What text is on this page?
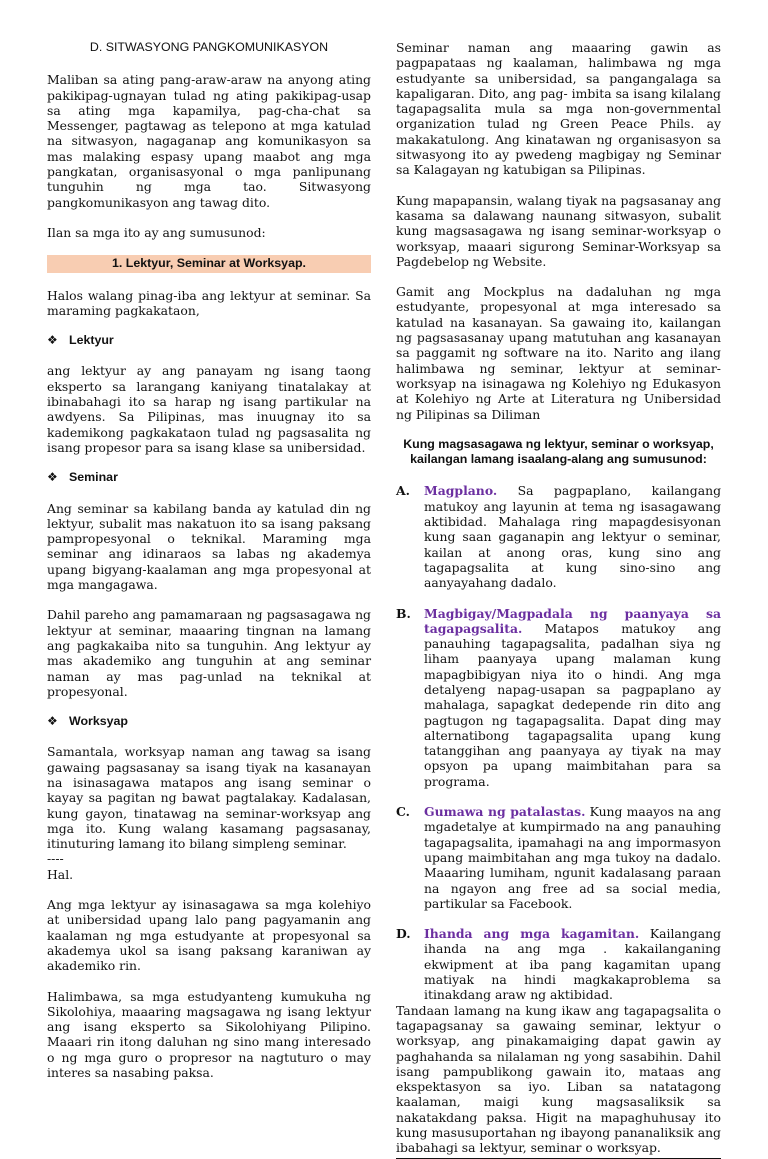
D. SITWASYONG PANGKOMUNIKASYON

Maliban sa ating pang-araw-araw na anyong ating pakikipag-ugnayan tulad ng ating pakikipag-usap sa ating mga kapamilya, pag-cha-chat sa Messenger, pagtawag as telepono at mga katulad na sitwasyon, nagaganap ang komunikasyon sa mas malaking espasy upang maabot ang mga pangkatan, organisasyonal o mga panlipunang tunguhin ng mga tao. Sitwasyong pangkomunikasyon ang tawag dito.

Ilan sa mga ito ay ang sumusunod:

1. Lektyur, Seminar at Worksyap.

Halos walang pinag-iba ang lektyur at seminar. Sa maraming pagkakataon,

❖ Lektyur

ang lektyur ay ang panayam ng isang taong eksperto sa larangang kaniyang tinatalakay at ibinabahagi ito sa harap ng isang partikular na awdyens. Sa Pilipinas, mas inuugnay ito sa kademikong pagkakataon tulad ng pagsasalita ng isang propesor para sa isang klase sa unibersidad.

❖ Seminar

Ang seminar sa kabilang banda ay katulad din ng lektyur, subalit mas nakatuon ito sa isang paksang pampropesyonal o teknikal. Maraming mga seminar ang idinaraos sa labas ng akademya upang bigyang-kaalaman ang mga propesyonal at mga mangagawa.

Dahil pareho ang pamamaraan ng pagsasagawa ng lektyur at seminar, maaaring tingnan na lamang ang pagkakaiba nito sa tunguhin. Ang lektyur ay mas akademiko ang tunguhin at ang seminar naman ay mas pag-unlad na teknikal at propesyonal.

❖ Worksyap

Samantala, worksyap naman ang tawag sa isang gawaing pagsasanay sa isang tiyak na kasanayan na isinasagawa matapos ang isang seminar o kayay sa pagitan ng bawat pagtalakay. Kadalasan, kung gayon, tinatawag na seminar-worksyap ang mga ito. Kung walang kasamang pagsasanay, itinuturing lamang ito bilang simpleng seminar.

----

Hal.

Ang mga lektyur ay isinasagawa sa mga kolehiyo at unibersidad upang lalo pang pagyamanin ang kaalaman ng mga estudyante at propesyonal sa akademya ukol sa isang paksang karaniwan ay akademiko rin.

Halimbawa, sa mga estudyanteng kumukuha ng Sikolohiya, maaaring magsagawa ng isang lektyur ang isang eksperto sa Sikolohiyang Pilipino. Maaari rin itong daluhan ng sino mang interesado o ng mga guro o propresor na nagtuturo o may interes sa nasabing paksa.

Seminar naman ang maaaring gawin as pagpapataas ng kaalaman, halimbawa ng mga estudyante sa unibersidad, sa pangangalaga sa kapaligaran. Dito, ang pag- imbita sa isang kilalang tagapagsalita mula sa mga non-governmental organization tulad ng Green Peace Phils. ay makakatulong. Ang kinatawan ng organisasyon sa sitwasyong ito ay pwedeng magbigay ng Seminar sa Kalagayan ng katubigan sa Pilipinas.

Kung mapapansin, walang tiyak na pagsasanay ang kasama sa dalawang naunang sitwasyon, subalit kung magsasagawa ng isang seminar-worksyap o worksyap, maaari sigurong Seminar-Worksyap sa Pagdebelop ng Website.

Gamit ang Mockplus na dadaluhan ng mga estudyante, propesyonal at mga interesado sa katulad na kasanayan. Sa gawaing ito, kailangan ng pagsasasanay upang matutuhan ang kasanayan sa paggamit ng software na ito. Narito ang ilang halimbawa ng seminar, lektyur at seminar-worksyap na isinagawa ng Kolehiyo ng Edukasyon at Kolehiyo ng Arte at Literatura ng Unibersidad ng Pilipinas sa Diliman

Kung magsasagawa ng lektyur, seminar o worksyap, kailangan lamang isaalang-alang ang sumusunod:
A.	Magplano. Sa pagpaplano, kailangang matukoy ang layunin at tema ng isasagawang aktibidad. Mahalaga ring mapagdesisyonan kung saan gaganapin ang lektyur o seminar, kailan at anong oras, kung sino ang tagapagsalita at kung sino-sino ang aanyayahang dadalo.
B.	Magbigay/Magpadala ng paanyaya sa tagapagsalita. Matapos matukoy ang panauhing tagapagsalita, padalhan siya ng liham paanyaya upang malaman kung mapagbibigyan niya ito o hindi. Ang mga detalyeng napag-usapan sa pagpaplano ay mahalaga, sapagkat dedepende rin dito ang pagtugon ng tagapagsalita. Dapat ding may alternatibong tagapagsalita upang kung tatanggihan ang paanyaya ay tiyak na may opsyon pa upang maimbitahan para sa programa.
C.	Gumawa ng patalastas. Kung maayos na ang mgadetalye at kumpirmado na ang panauhing tagapagsalita, ipamahagi na ang impormasyon upang maimbitahan ang mga tukoy na dadalo. Maaaring lumiham, ngunit kadalasang paraan na ngayon ang free ad sa social media, partikular sa Facebook.
D.	Ihanda ang mga kagamitan. Kailangang ihanda na ang mga . kakailanganing ekwipment at iba pang kagamitan upang matiyak na hindi magkakaproblema sa itinakdang araw ng aktibidad.

Tandaan lamang na kung ikaw ang tagapagsalita o tagapagsanay sa gawaing seminar, lektyur o worksyap, ang pinakamaiging dapat gawin ay paghahanda sa nilalaman ng yong sasabihin. Dahil isang pampublikong gawain ito, mataas ang ekspektasyon sa iyo. Liban sa natatagong kaalaman, maigi kung magsasaliksik sa nakatakdang paksa. Higit na mapaghuhusay ito kung masusuportahan ng ibayong pananaliksik ang ibabahagi sa lektyur, seminar o worksyap.
